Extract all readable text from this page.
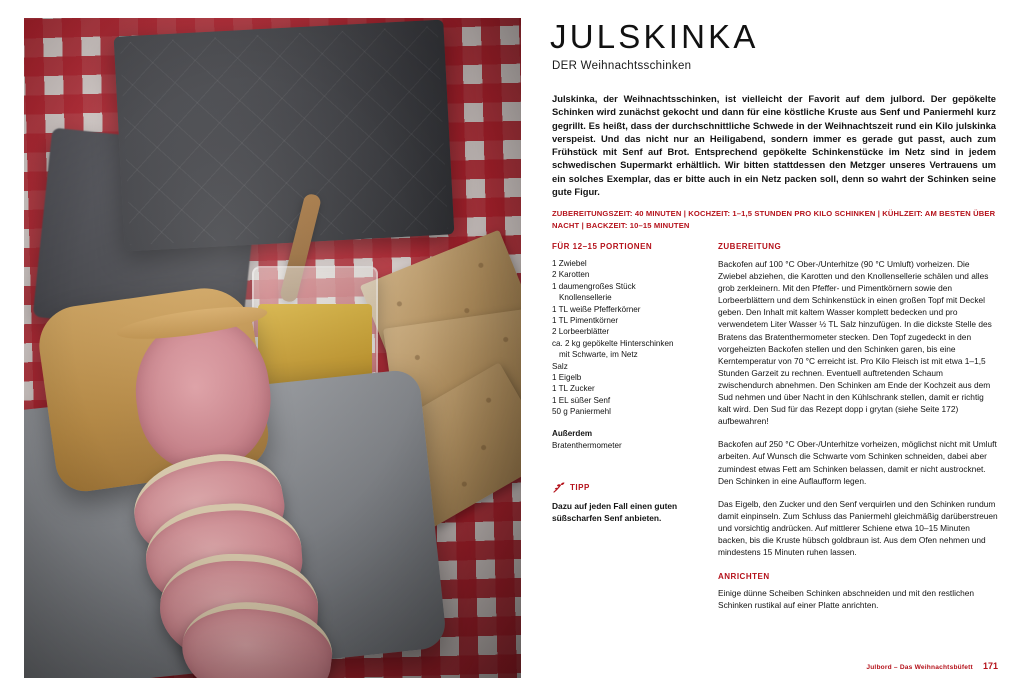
JULSKINKA
DER Weihnachtsschinken
Julskinka, der Weihnachtsschinken, ist vielleicht der Favorit auf dem julbord. Der gepökelte Schinken wird zunächst gekocht und dann für eine köstliche Kruste aus Senf und Paniermehl kurz gegrillt. Es heißt, dass der durchschnittliche Schwede in der Weihnachtszeit rund ein Kilo julskinka verspeist. Und das nicht nur an Heiligabend, sondern immer es gerade gut passt, auch zum Frühstück mit Senf auf Brot. Entsprechend gepökelte Schinkenstücke im Netz sind in jedem schwedischen Supermarkt erhältlich. Wir bitten stattdessen den Metzger unseres Vertrauens um ein solches Exemplar, das er bitte auch in ein Netz packen soll, denn so wahrt der Schinken seine gute Figur.
ZUBEREITUNGSZEIT: 40 MINUTEN | KOCHZEIT: 1–1,5 STUNDEN PRO KILO SCHINKEN | KÜHLZEIT: AM BESTEN ÜBER NACHT | BACKZEIT: 10–15 MINUTEN
FÜR 12–15 PORTIONEN
1 Zwiebel
2 Karotten
1 daumengroßes Stück
Knollensellerie
1 TL weiße Pfefferkörner
1 TL Pimentkörner
2 Lorbeerblätter
ca. 2 kg gepökelte Hinterschinken
mit Schwarte, im Netz
Salz
1 Eigelb
1 TL Zucker
1 EL süßer Senf
50 g Paniermehl
Außerdem
Bratenthermometer
TIPP
Dazu auf jeden Fall einen guten süßscharfen Senf anbieten.
ZUBEREITUNG

Backofen auf 100 °C Ober-/Unterhitze (90 °C Umluft) vorheizen. Die Zwiebel abziehen, die Karotten und den Knollensellerie schälen und alles grob zerkleinern. Mit den Pfeffer- und Pimentkörnern sowie den Lorbeerblättern und dem Schinkenstück in einen großen Topf mit Deckel geben. Den Inhalt mit kaltem Wasser komplett bedecken und pro verwendetem Liter Wasser ½ TL Salz hinzufügen. In die dickste Stelle des Bratens das Bratenthermometer stecken. Den Topf zugedeckt in den vorgeheizten Backofen stellen und den Schinken garen, bis eine Kerntemperatur von 70 °C erreicht ist. Pro Kilo Fleisch ist mit etwa 1–1,5 Stunden Garzeit zu rechnen. Eventuell auftretenden Schaum zwischendurch abnehmen. Den Schinken am Ende der Kochzeit aus dem Sud nehmen und über Nacht in den Kühlschrank stellen, damit er richtig kalt wird. Den Sud für das Rezept dopp i grytan (siehe Seite 172) aufbewahren!

Backofen auf 250 °C Ober-/Unterhitze vorheizen, möglichst nicht mit Umluft arbeiten. Auf Wunsch die Schwarte vom Schinken schneiden, dabei aber zumindest etwas Fett am Schinken belassen, damit er nicht austrocknet. Den Schinken in eine Auflaufform legen.

Das Eigelb, den Zucker und den Senf verquirlen und den Schinken rundum damit einpinseln. Zum Schluss das Paniermehl gleichmäßig darüberstreuen und vorsichtig andrücken. Auf mittlerer Schiene etwa 10–15 Minuten backen, bis die Kruste hübsch goldbraun ist. Aus dem Ofen nehmen und mindestens 15 Minuten ruhen lassen.

ANRICHTEN

Einige dünne Scheiben Schinken abschneiden und mit den restlichen Schinken rustikal auf einer Platte anrichten.

Julbord – Das Weihnachtsbüfett 171
